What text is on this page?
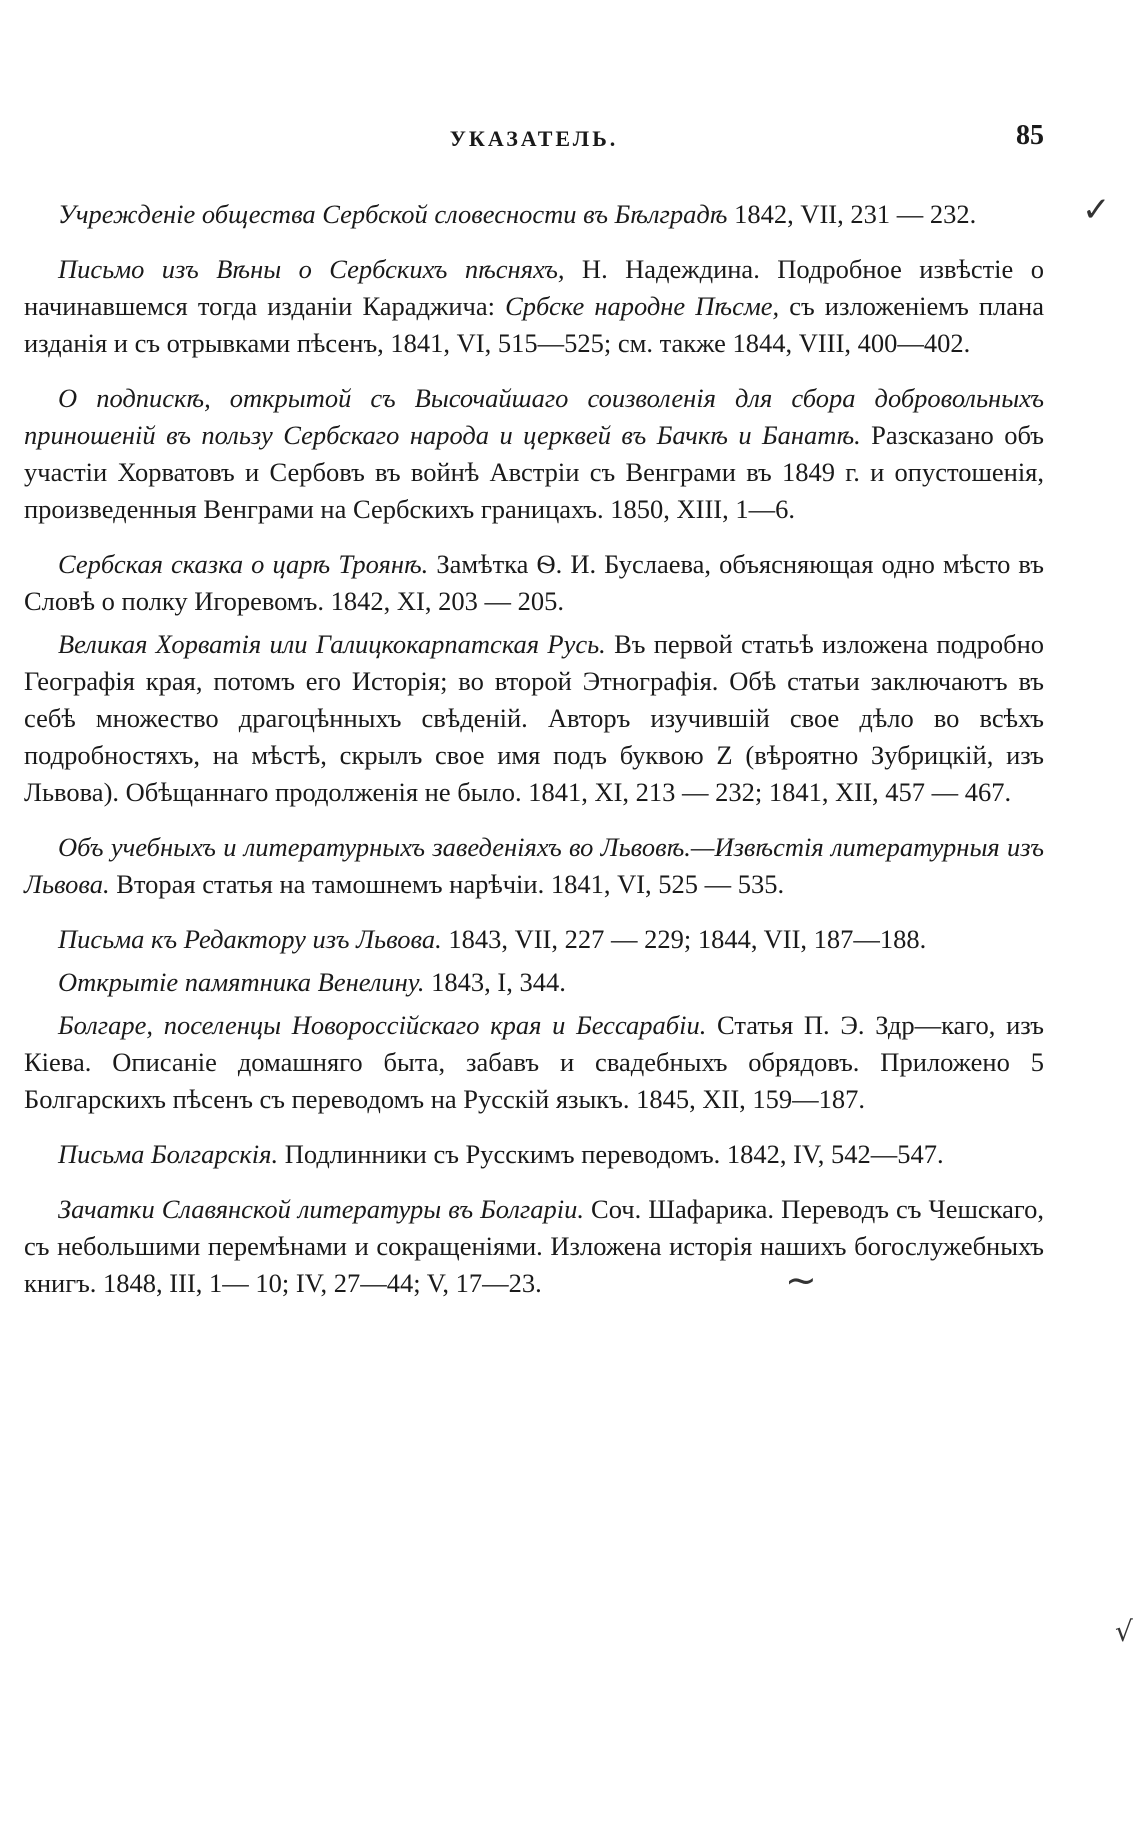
УКАЗАТЕЛЬ.	85

Учрежденіе общества Сербской словесности въ Бѣлградѣ 1842, VII, 231 — 232.

Письмо изъ Вѣны о Сербскихъ пѣсняхъ, Н. Надеждина. Подробное извѣстіе о начинавшемся тогда изданіи Караджича: Србске народне Пѣсме, съ изложеніемъ плана изданія и съ отрывками пѣсенъ, 1841, VI, 515—525; см. также 1844, VIII, 400—402.

О подпискѣ, открытой съ Высочайшаго соизволенія для сбора добровольныхъ приношеній въ пользу Сербскаго народа и церквей въ Бачкѣ и Банатѣ. Разсказано объ участіи Хорватовъ и Сербовъ въ войнѣ Австріи съ Венграми въ 1849 г. и опустошенія, произведенныя Венграми на Сербскихъ границахъ. 1850, XIII, 1—6.

Сербская сказка о царѣ Троянѣ. Замѣтка Ѳ. И. Буслаева, объясняющая одно мѣсто въ Словѣ о полку Игоревомъ. 1842, XI, 203 — 205.

Великая Хорватія или Галицкокарпатская Русь. Въ первой статьѣ изложена подробно Географія края, потомъ его Исторія; во второй Этнографія. Обѣ статьи заключаютъ въ себѣ множество драгоцѣнныхъ свѣденій. Авторъ изучившій свое дѣло во всѣхъ подробностяхъ, на мѣстѣ, скрылъ свое имя подъ буквою Z (вѣроятно Зубрицкій, изъ Львова). Обѣщаннаго продолженія не было. 1841, XI, 213 — 232; 1841, XII, 457 — 467.

Объ учебныхъ и литературныхъ заведеніяхъ во Львовѣ.—Извѣстія литературныя изъ Львова. Вторая статья на тамошнемъ нарѣчіи. 1841, VI, 525 — 535.

Письма къ Редактору изъ Львова. 1843, VII, 227 — 229; 1844, VII, 187—188.

Открытіе памятника Венелину. 1843, I, 344.

Болгаре, поселенцы Новороссійскаго края и Бессарабіи. Статья П. Э. Здр—каго, изъ Кіева. Описаніе домашняго быта, забавъ и свадебныхъ обрядовъ. Приложено 5 Болгарскихъ пѣсенъ съ переводомъ на Русскій языкъ. 1845, XII, 159—187.

Письма Болгарскія. Подлинники съ Русскимъ переводомъ. 1842, IV, 542—547.

Зачатки Славянской литературы въ Болгаріи. Соч. Шафарика. Переводъ съ Чешскаго, съ небольшими перемѣнами и сокращеніями. Изложена исторія нашихъ богослужебныхъ книгъ. 1848, III, 1— 10; IV, 27—44; V, 17—23.

✓
~
√
